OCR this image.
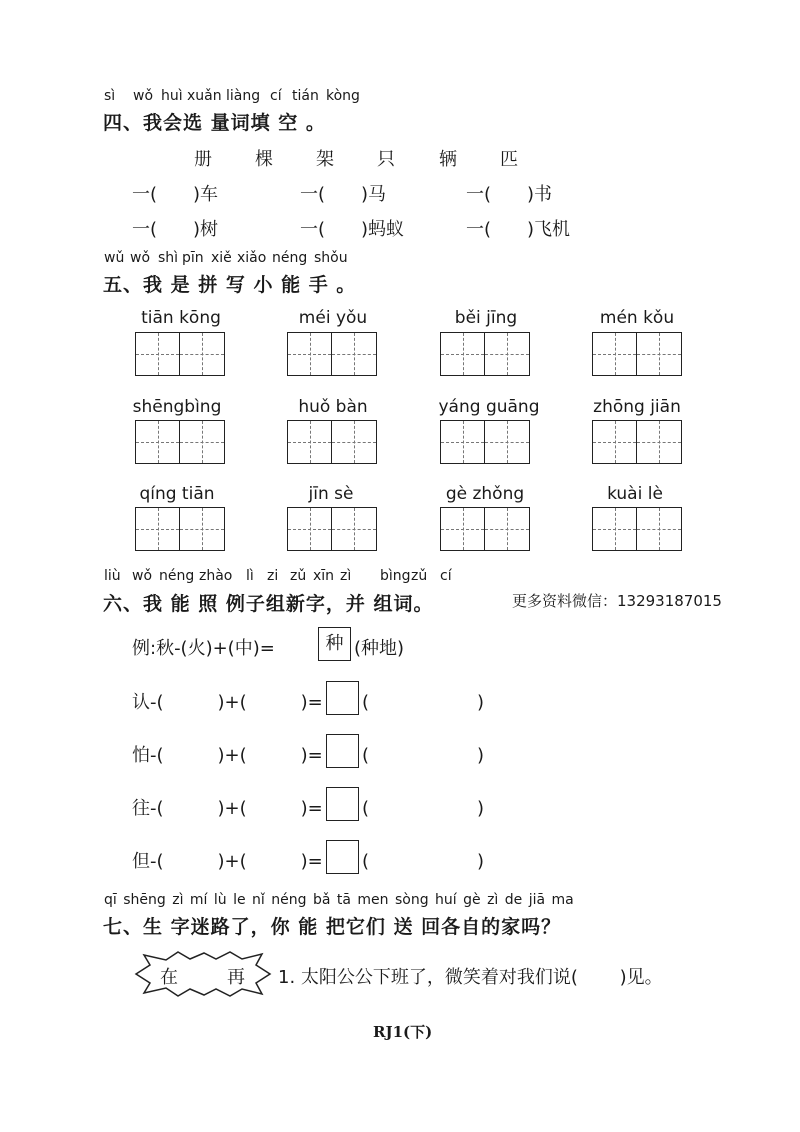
sì wǒ huì xuǎn liàng cí tián kòng
四、我会选 量词填 空 。
册 棵 架 只 辆 匹
一(　　)车	一(　　)马	一(　　)书
一(　　)树	一(　　)蚂蚁	一(　　)飞机
wǔ wǒ shì pīn xiě xiǎo néng shǒu
五、我 是 拼 写 小 能 手 。
tiān kōng	méi yǒu	běi jīng	mén kǒu
shēngbìng	huǒ bàn	yáng guāng	zhōng jiān
qíng tiān	jīn sè	gè zhǒng	kuài lè
liù wǒ néng zhào lì zi zǔ xīn zì bìng zǔ cí
六、我 能 照 例子组新字，并 组词。	更多资料微信：13293187015
例:秋-(火)+(中)=	种 (种地)
认-(　　　)+(　　　)= (　　　　　　)
怕-(　　　)+(　　　)= (　　　　　　)
往-(　　　)+(　　　)= (　　　　　　)
但-(　　　)+(　　　)= (　　　　　　)
qī shēng zì mí lù le nǐ néng bǎ tā men sòng huí gè zì de jiā ma
七、生 字迷路了，你 能 把它们 送 回各自的家吗？
在	再 1. 太阳公公下班了，微笑着对我们说(　　 )见。
RJ1(下)
